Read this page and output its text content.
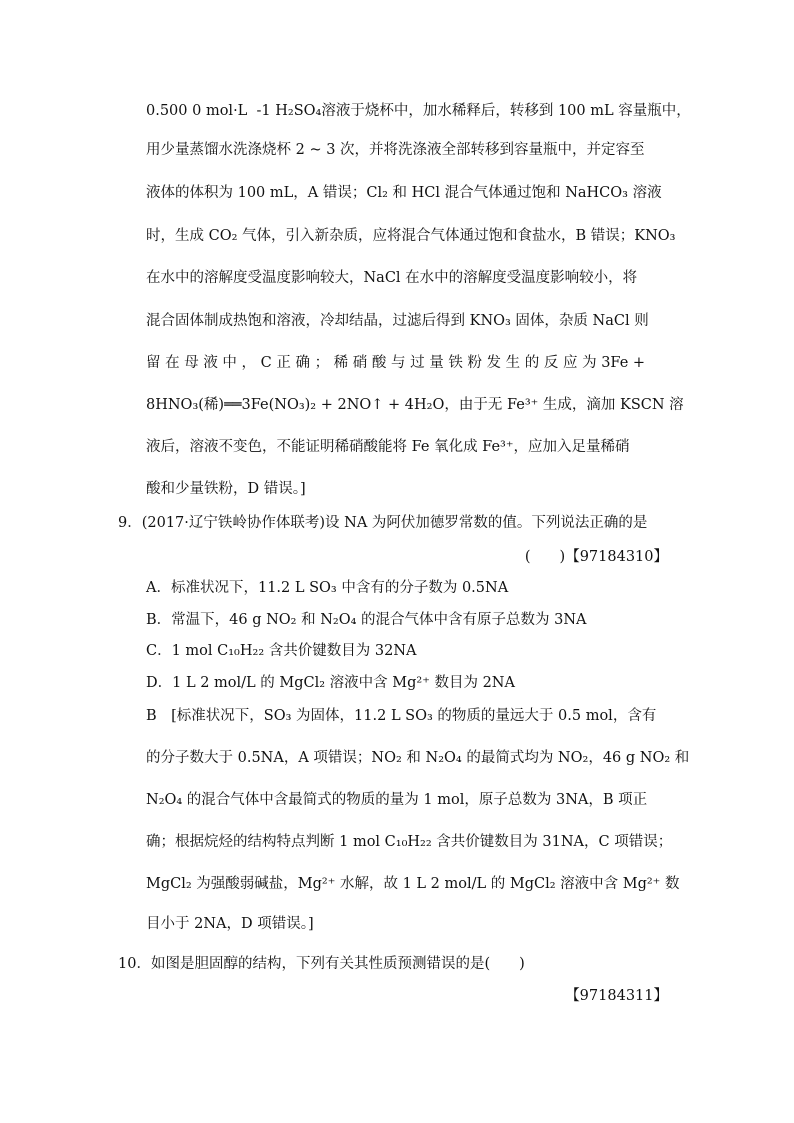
0.500 0 mol·L  -1 H₂SO₄溶液于烧杯中，加水稀释后，转移到 100 mL 容量瓶中，
用少量蒸馏水洗涤烧杯 2 ~ 3 次，并将洗涤液全部转移到容量瓶中，并定容至
液体的体积为 100 mL，A 错误；Cl₂ 和 HCl 混合气体通过饱和 NaHCO₃ 溶液
时，生成 CO₂ 气体，引入新杂质，应将混合气体通过饱和食盐水，B 错误；KNO₃
在水中的溶解度受温度影响较大，NaCl 在水中的溶解度受温度影响较小，将
混合固体制成热饱和溶液，冷却结晶，过滤后得到 KNO₃ 固体，杂质 NaCl 则
留 在 母 液 中 ， C 正 确 ； 稀 硝 酸 与 过 量 铁 粉 发 生 的 反 应 为 3Fe +
8HNO₃(稀)══3Fe(NO₃)₂ + 2NO↑ + 4H₂O，由于无 Fe³⁺ 生成，滴加 KSCN 溶
液后，溶液不变色，不能证明稀硝酸能将 Fe 氧化成 Fe³⁺，应加入足量稀硝
酸和少量铁粉，D 错误。]
9．(2017·辽宁铁岭协作体联考)设 NA 为阿伏加德罗常数的值。下列说法正确的是
(　　)【97184310】
A．标准状况下，11.2 L SO₃ 中含有的分子数为 0.5NA
B．常温下，46 g NO₂ 和 N₂O₄ 的混合气体中含有原子总数为 3NA
C．1 mol C₁₀H₂₂ 含共价键数目为 32NA
D．1 L 2 mol/L 的 MgCl₂ 溶液中含 Mg²⁺ 数目为 2NA
B　[标准状况下，SO₃ 为固体，11.2 L SO₃ 的物质的量远大于 0.5 mol，含有
的分子数大于 0.5NA，A 项错误；NO₂ 和 N₂O₄ 的最简式均为 NO₂，46 g NO₂ 和
N₂O₄ 的混合气体中含最简式的物质的量为 1 mol，原子总数为 3NA，B 项正
确；根据烷烃的结构特点判断 1 mol C₁₀H₂₂ 含共价键数目为 31NA，C 项错误；
MgCl₂ 为强酸弱碱盐，Mg²⁺ 水解，故 1 L 2 mol/L 的 MgCl₂ 溶液中含 Mg²⁺ 数
目小于 2NA，D 项错误。]
10．如图是胆固醇的结构，下列有关其性质预测错误的是(　　)
【97184311】
